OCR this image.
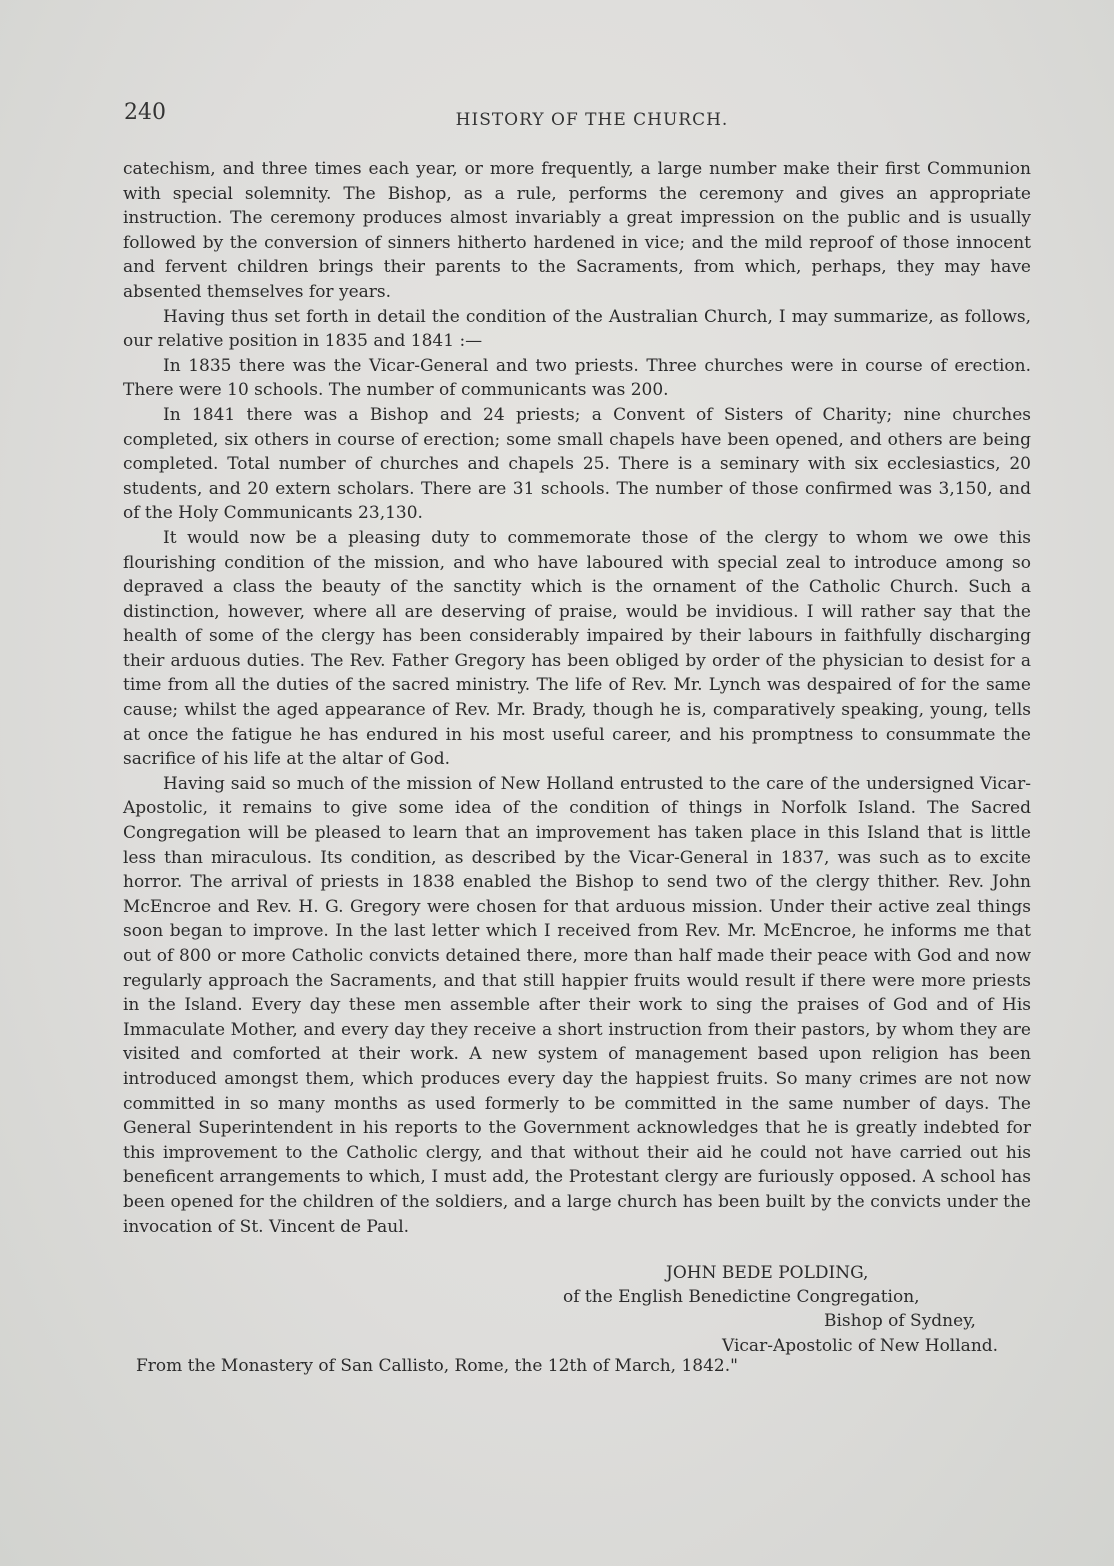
240	HISTORY OF THE CHURCH.

catechism, and three times each year, or more frequently, a large number make their first Communion with special solemnity. The Bishop, as a rule, performs the ceremony and gives an appropriate instruction. The ceremony produces almost invariably a great impression on the public and is usually followed by the conversion of sinners hitherto hardened in vice; and the mild reproof of those innocent and fervent children brings their parents to the Sacraments, from which, perhaps, they may have absented themselves for years.

Having thus set forth in detail the condition of the Australian Church, I may summarize, as follows, our relative position in 1835 and 1841 :—

In 1835 there was the Vicar-General and two priests. Three churches were in course of erection. There were 10 schools. The number of communicants was 200.

In 1841 there was a Bishop and 24 priests; a Convent of Sisters of Charity; nine churches completed, six others in course of erection; some small chapels have been opened, and others are being completed. Total number of churches and chapels 25. There is a seminary with six ecclesiastics, 20 students, and 20 extern scholars. There are 31 schools. The number of those confirmed was 3,150, and of the Holy Communicants 23,130.

It would now be a pleasing duty to commemorate those of the clergy to whom we owe this flourishing condition of the mission, and who have laboured with special zeal to introduce among so depraved a class the beauty of the sanctity which is the ornament of the Catholic Church. Such a distinction, however, where all are deserving of praise, would be invidious. I will rather say that the health of some of the clergy has been considerably impaired by their labours in faithfully discharging their arduous duties. The Rev. Father Gregory has been obliged by order of the physician to desist for a time from all the duties of the sacred ministry. The life of Rev. Mr. Lynch was despaired of for the same cause; whilst the aged appearance of Rev. Mr. Brady, though he is, comparatively speaking, young, tells at once the fatigue he has endured in his most useful career, and his promptness to consummate the sacrifice of his life at the altar of God.

Having said so much of the mission of New Holland entrusted to the care of the undersigned Vicar-Apostolic, it remains to give some idea of the condition of things in Norfolk Island. The Sacred Congregation will be pleased to learn that an improvement has taken place in this Island that is little less than miraculous. Its condition, as described by the Vicar-General in 1837, was such as to excite horror. The arrival of priests in 1838 enabled the Bishop to send two of the clergy thither. Rev. John McEncroe and Rev. H. G. Gregory were chosen for that arduous mission. Under their active zeal things soon began to improve. In the last letter which I received from Rev. Mr. McEncroe, he informs me that out of 800 or more Catholic convicts detained there, more than half made their peace with God and now regularly approach the Sacraments, and that still happier fruits would result if there were more priests in the Island. Every day these men assemble after their work to sing the praises of God and of His Immaculate Mother, and every day they receive a short instruction from their pastors, by whom they are visited and comforted at their work. A new system of management based upon religion has been introduced amongst them, which produces every day the happiest fruits. So many crimes are not now committed in so many months as used formerly to be committed in the same number of days. The General Superintendent in his reports to the Government acknowledges that he is greatly indebted for this improvement to the Catholic clergy, and that without their aid he could not have carried out his beneficent arrangements to which, I must add, the Protestant clergy are furiously opposed. A school has been opened for the children of the soldiers, and a large church has been built by the convicts under the invocation of St. Vincent de Paul.

JOHN BEDE POLDING,
of the English Benedictine Congregation,
Bishop of Sydney,
Vicar-Apostolic of New Holland.
From the Monastery of San Callisto, Rome, the 12th of March, 1842."
